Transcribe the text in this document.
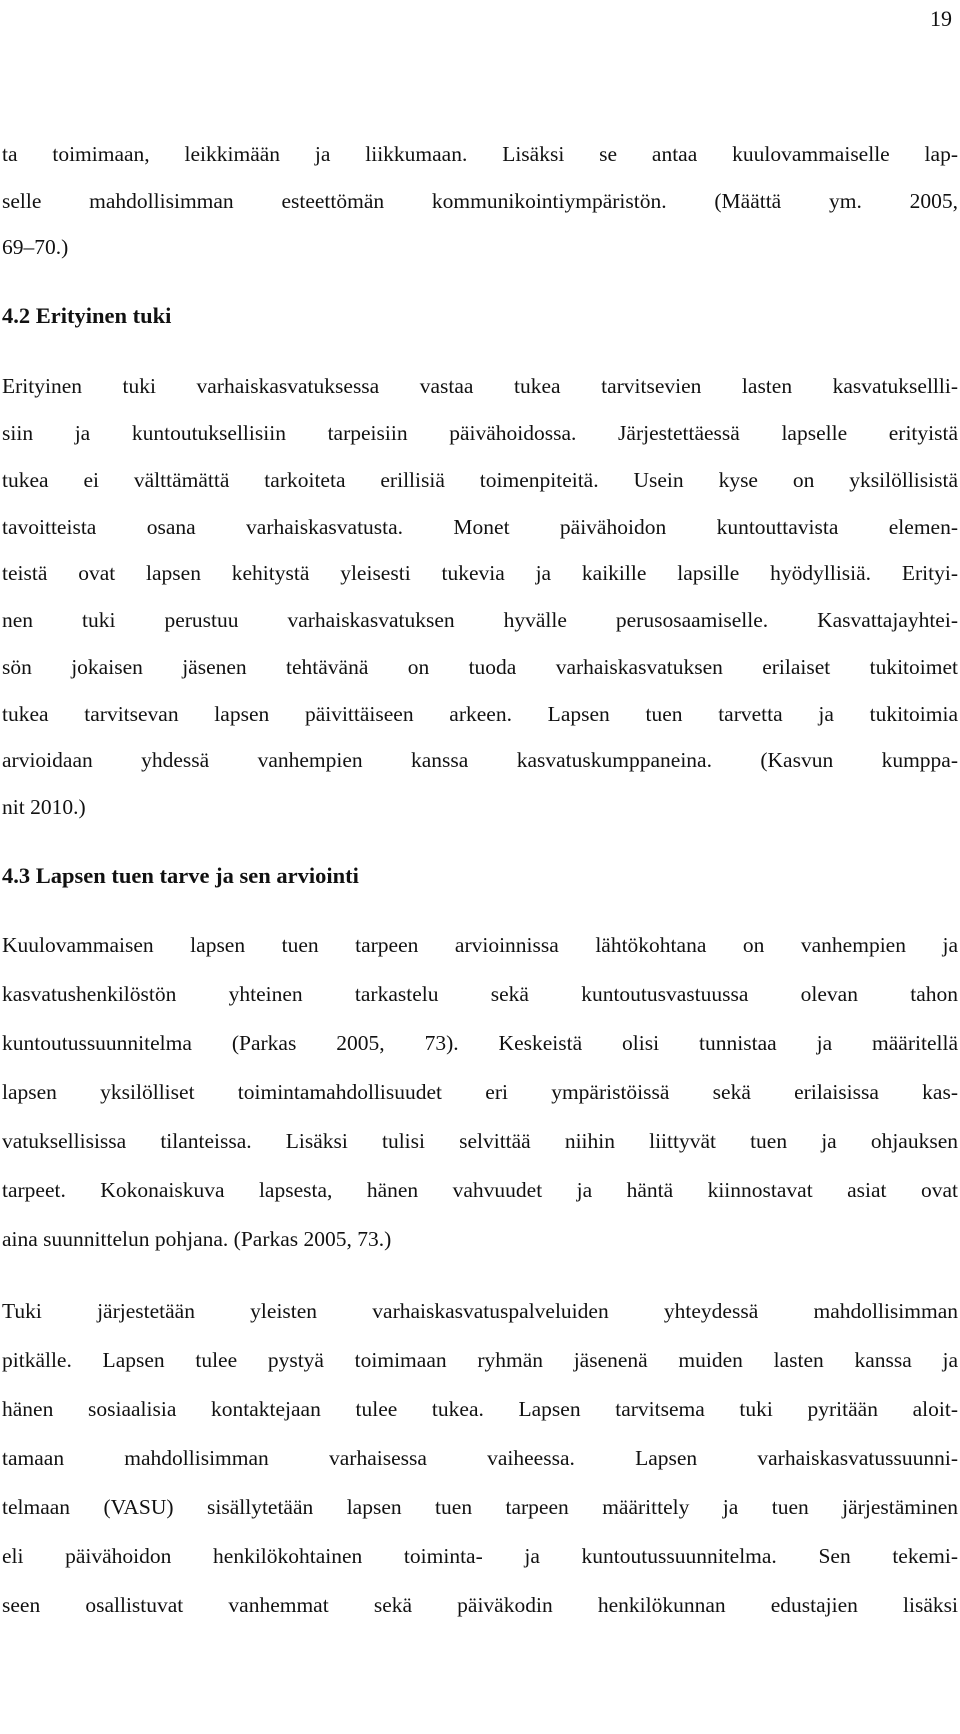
19

ta toimimaan, leikkimään ja liikkumaan. Lisäksi se antaa kuulovammaiselle lap-

selle mahdollisimman esteettömän kommunikointiympäristön. (Määttä ym. 2005,

69–70.)

4.2 Erityinen tuki

Erityinen tuki varhaiskasvatuksessa vastaa tukea tarvitsevien lasten kasvatuksellli-

siin ja kuntoutuksellisiin tarpeisiin päivähoidossa. Järjestettäessä lapselle erityistä

tukea ei välttämättä tarkoiteta erillisiä toimenpiteitä. Usein kyse on yksilöllisistä

tavoitteista osana varhaiskasvatusta. Monet päivähoidon kuntouttavista elemen-

teistä ovat lapsen kehitystä yleisesti tukevia ja kaikille lapsille hyödyllisiä. Erityi-

nen tuki perustuu varhaiskasvatuksen hyvälle perusosaamiselle. Kasvattajayhtei-

sön jokaisen jäsenen tehtävänä on tuoda varhaiskasvatuksen erilaiset tukitoimet

tukea tarvitsevan lapsen päivittäiseen arkeen. Lapsen tuen tarvetta ja tukitoimia

arvioidaan yhdessä vanhempien kanssa kasvatuskumppaneina. (Kasvun kumppa-

nit 2010.)

4.3 Lapsen tuen tarve ja sen arviointi

Kuulovammaisen lapsen tuen tarpeen arvioinnissa lähtökohtana on vanhempien ja

kasvatushenkilöstön yhteinen tarkastelu sekä kuntoutusvastuussa olevan tahon

kuntoutussuunnitelma (Parkas 2005, 73). Keskeistä olisi tunnistaa ja määritellä

lapsen yksilölliset toimintamahdollisuudet eri ympäristöissä sekä erilaisissa kas-

vatuksellisissa tilanteissa. Lisäksi tulisi selvittää niihin liittyvät tuen ja ohjauksen

tarpeet. Kokonaiskuva lapsesta, hänen vahvuudet ja häntä kiinnostavat asiat ovat

aina suunnittelun pohjana. (Parkas 2005, 73.)

Tuki järjestetään yleisten varhaiskasvatuspalveluiden yhteydessä mahdollisimman

pitkälle. Lapsen tulee pystyä toimimaan ryhmän jäsenenä muiden lasten kanssa ja

hänen sosiaalisia kontaktejaan tulee tukea. Lapsen tarvitsema tuki pyritään aloit-

tamaan mahdollisimman varhaisessa vaiheessa. Lapsen varhaiskasvatussuunni-

telmaan (VASU) sisällytetään lapsen tuen tarpeen määrittely ja tuen järjestäminen

eli päivähoidon henkilökohtainen toiminta- ja kuntoutussuunnitelma. Sen tekemi-

seen osallistuvat vanhemmat sekä päiväkodin henkilökunnan edustajien lisäksi
